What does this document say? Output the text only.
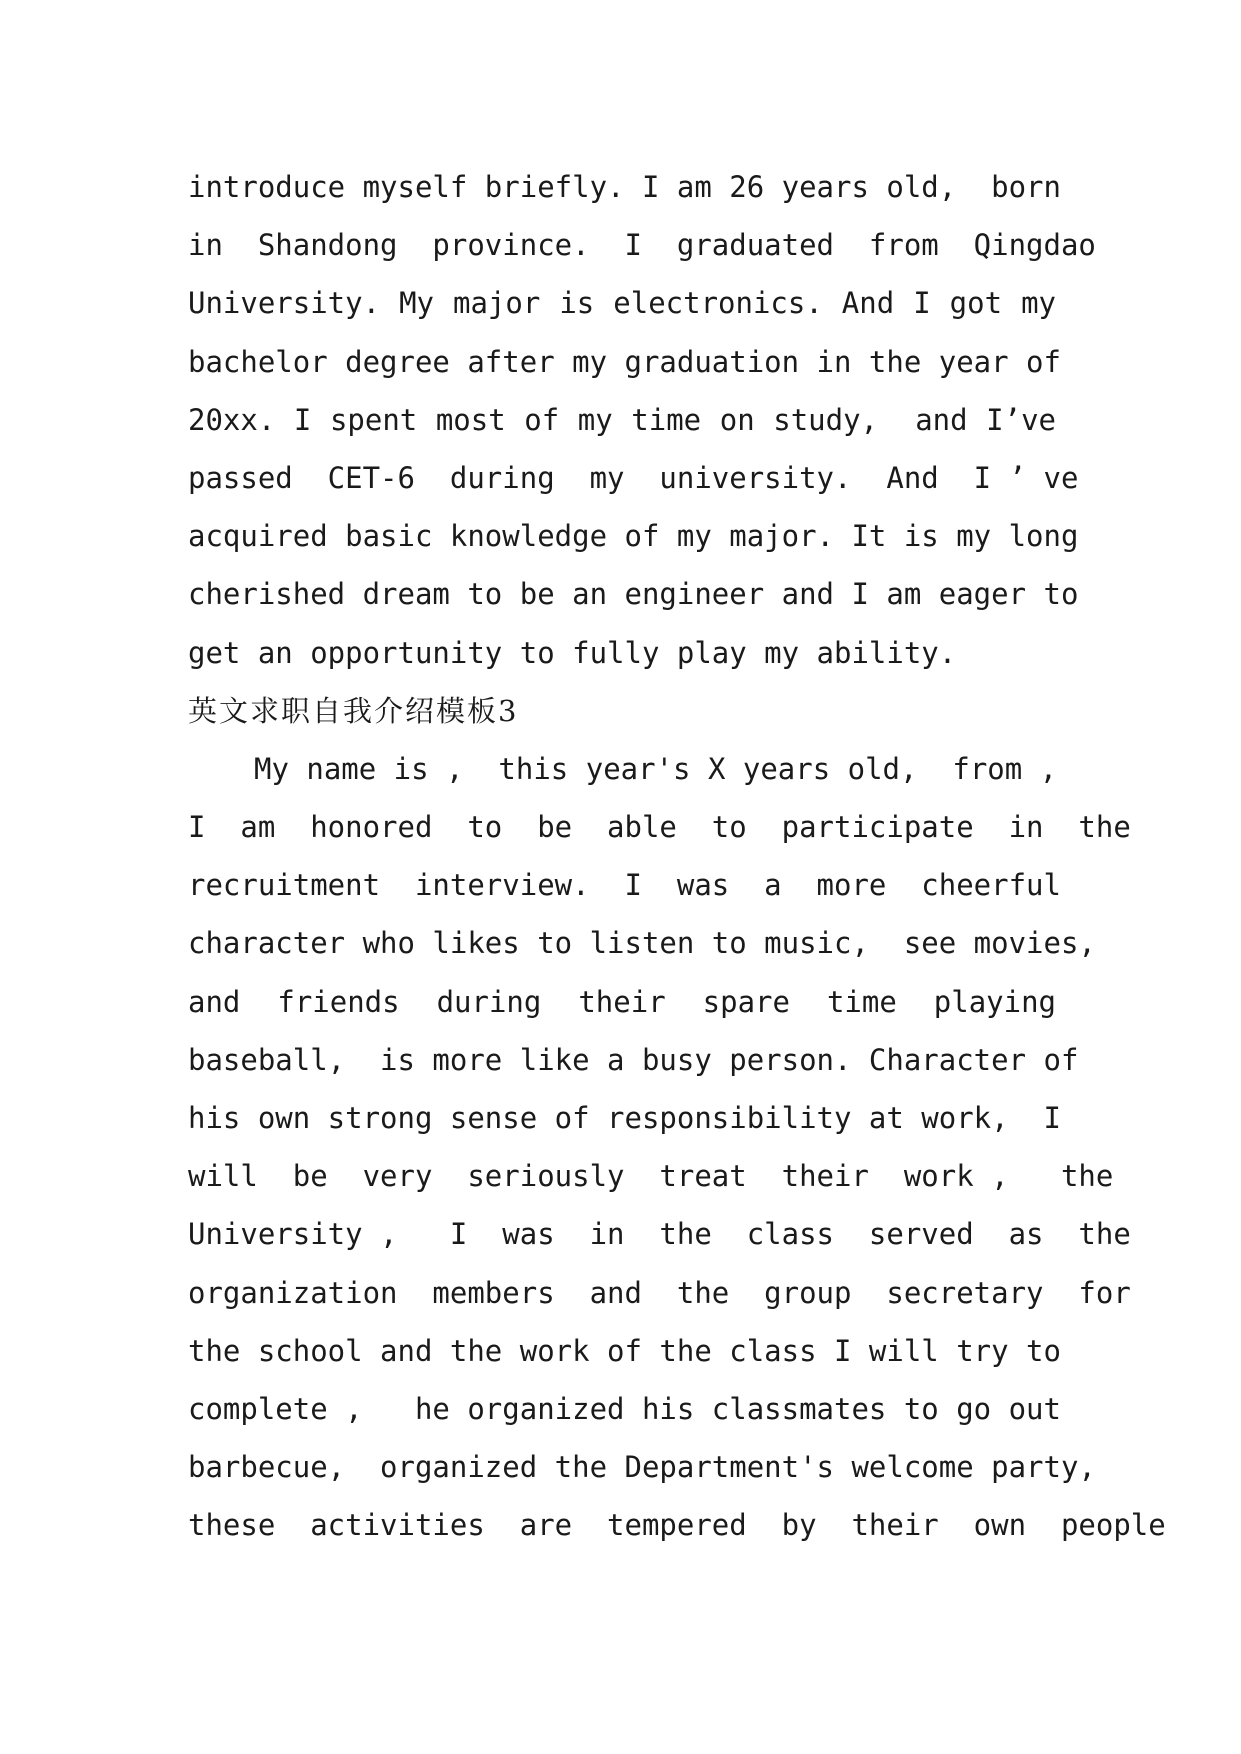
introduce myself briefly. I am 26 years old,  born
in  Shandong  province.  I  graduated  from  Qingdao
University. My major is electronics. And I got my
bachelor degree after my graduation in the year of
20xx. I spent most of my time on study,  and I’ve
passed  CET-6  during  my  university.  And  I ’ ve
acquired basic knowledge of my major. It is my long
cherished dream to be an engineer and I am eager to
get an opportunity to fully play my ability.
英文求职自我介绍模板3
My name is ,  this year's X years old,  from ,
I  am  honored  to  be  able  to  participate  in  the
recruitment  interview.  I  was  a  more  cheerful
character who likes to listen to music,  see movies,
and  friends  during  their  spare  time  playing
baseball,  is more like a busy person. Character of
his own strong sense of responsibility at work,  I
will  be  very  seriously  treat  their  work ,   the
University ,   I  was  in  the  class  served  as  the
organization  members  and  the  group  secretary  for
the school and the work of the class I will try to
complete ,   he organized his classmates to go out
barbecue,  organized the Department's welcome party,
these  activities  are  tempered  by  their  own  people
